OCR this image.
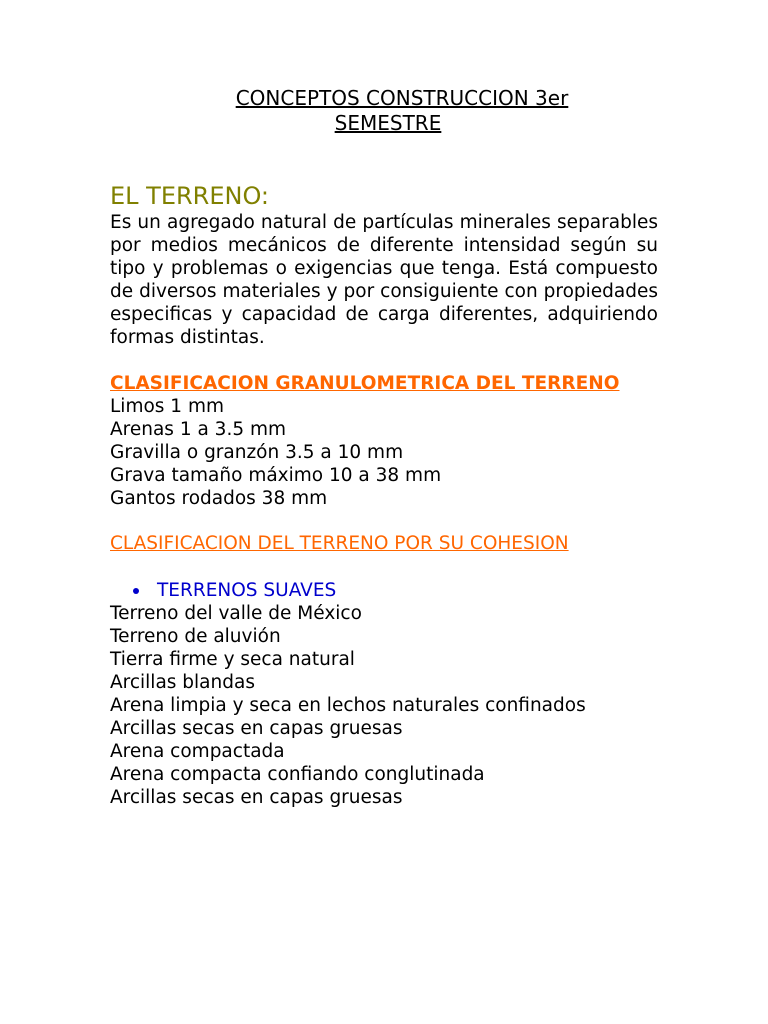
CONCEPTOS CONSTRUCCION 3er
SEMESTRE
EL TERRENO:

Es un agregado natural de partículas minerales separables por medios mecánicos de diferente intensidad según su tipo y problemas o exigencias que tenga. Está compuesto de diversos materiales y por consiguiente con propiedades especificas y capacidad de carga diferentes, adquiriendo formas distintas.

CLASIFICACION GRANULOMETRICA DEL TERRENO

Limos 1 mm
Arenas 1 a 3.5 mm
Gravilla o granzón 3.5 a 10 mm
Grava tamaño máximo 10 a 38 mm
Gantos rodados 38 mm

CLASIFICACION DEL TERRENO POR SU COHESION

TERRENOS SUAVES
Terreno del valle de México
Terreno de aluvión
Tierra firme y seca natural
Arcillas blandas
Arena limpia y seca en lechos naturales confinados
Arcillas secas en capas gruesas
Arena compactada
Arena compacta confiando conglutinada
Arcillas secas en capas gruesas
